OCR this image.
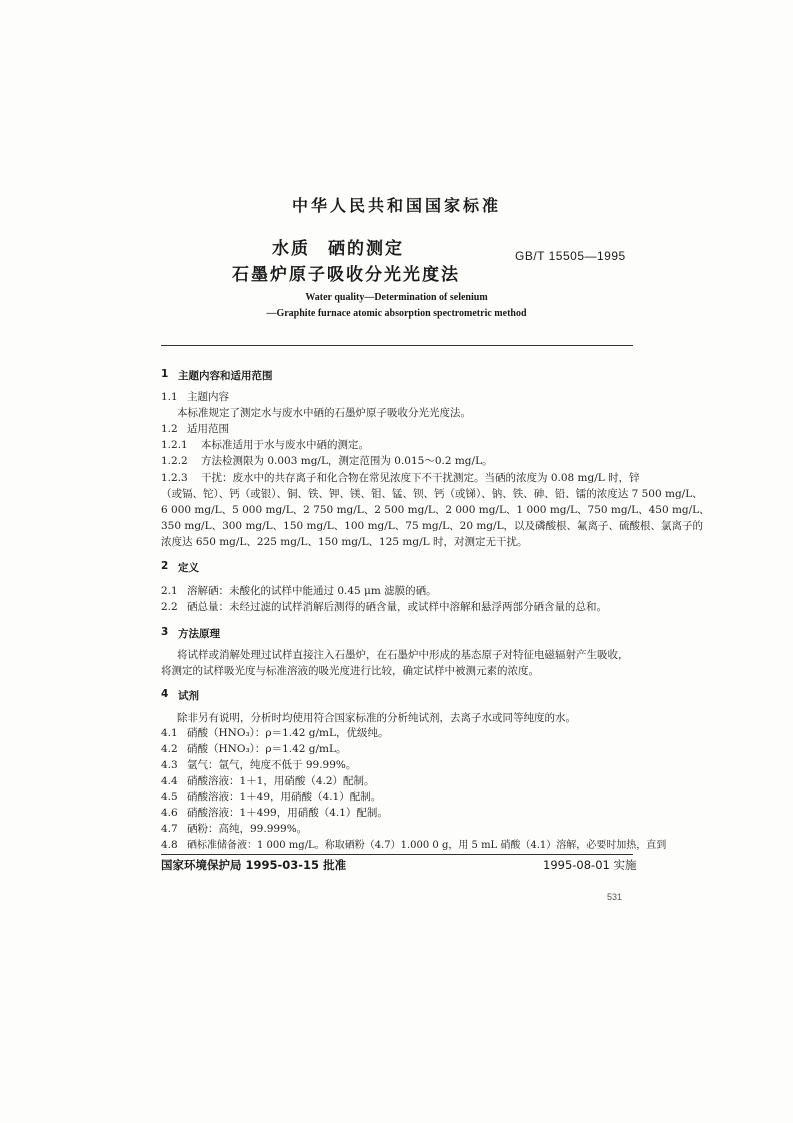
中华人民共和国国家标准
水质 硒的测定
石墨炉原子吸收分光光度法
GB/T 15505—1995
Water quality—Determination of selenium
—Graphite furnace atomic absorption spectrometric method
1 主题内容和适用范围
1.1 主题内容
本标准规定了测定水与废水中硒的石墨炉原子吸收分光光度法。
1.2 适用范围
1.2.1 本标准适用于水与废水中硒的测定。
1.2.2 方法检测限为 0.003 mg/L，测定范围为 0.015～0.2 mg/L。
1.2.3 干扰：废水中的共存离子和化合物在常见浓度下不干扰测定。当硒的浓度为 0.08 mg/L 时，锌
（或镉、铊）、钙（或银）、铜、铁、钾、镁、钼、锰、钡、钙（或锑）、钠、铁、砷、铅、镭的浓度达 7 500 mg/L、
6 000 mg/L、5 000 mg/L、2 750 mg/L、2 500 mg/L、2 000 mg/L、1 000 mg/L、750 mg/L、450 mg/L、
350 mg/L、300 mg/L、150 mg/L、100 mg/L、75 mg/L、20 mg/L，以及磷酸根、氟离子、硫酸根、氯离子的
浓度达 650 mg/L、225 mg/L、150 mg/L、125 mg/L 时，对测定无干扰。
2 定义
2.1 溶解硒：未酸化的试样中能通过 0.45 μm 滤膜的硒。
2.2 硒总量：未经过滤的试样消解后测得的硒含量，或试样中溶解和悬浮两部分硒含量的总和。
3 方法原理
将试样或消解处理过试样直接注入石墨炉，在石墨炉中形成的基态原子对特征电磁辐射产生吸收，
将测定的试样吸光度与标准溶液的吸光度进行比较，确定试样中被测元素的浓度。
4 试剂
除非另有说明，分析时均使用符合国家标准的分析纯试剂，去离子水或同等纯度的水。
4.1 硝酸（HNO₃）：ρ＝1.42 g/mL，优级纯。
4.2 硝酸（HNO₃）：ρ＝1.42 g/mL。
4.3 氩气：氩气，纯度不低于 99.99%。
4.4 硝酸溶液：1＋1，用硝酸（4.2）配制。
4.5 硝酸溶液：1＋49，用硝酸（4.1）配制。
4.6 硝酸溶液：1＋499，用硝酸（4.1）配制。
4.7 硒粉：高纯，99.999%。
4.8 硒标准储备液：1 000 mg/L。称取硒粉（4.7）1.000 0 g，用 5 mL 硝酸（4.1）溶解，必要时加热，直到
国家环境保护局 1995-03-15 批准	1995-08-01 实施
531
